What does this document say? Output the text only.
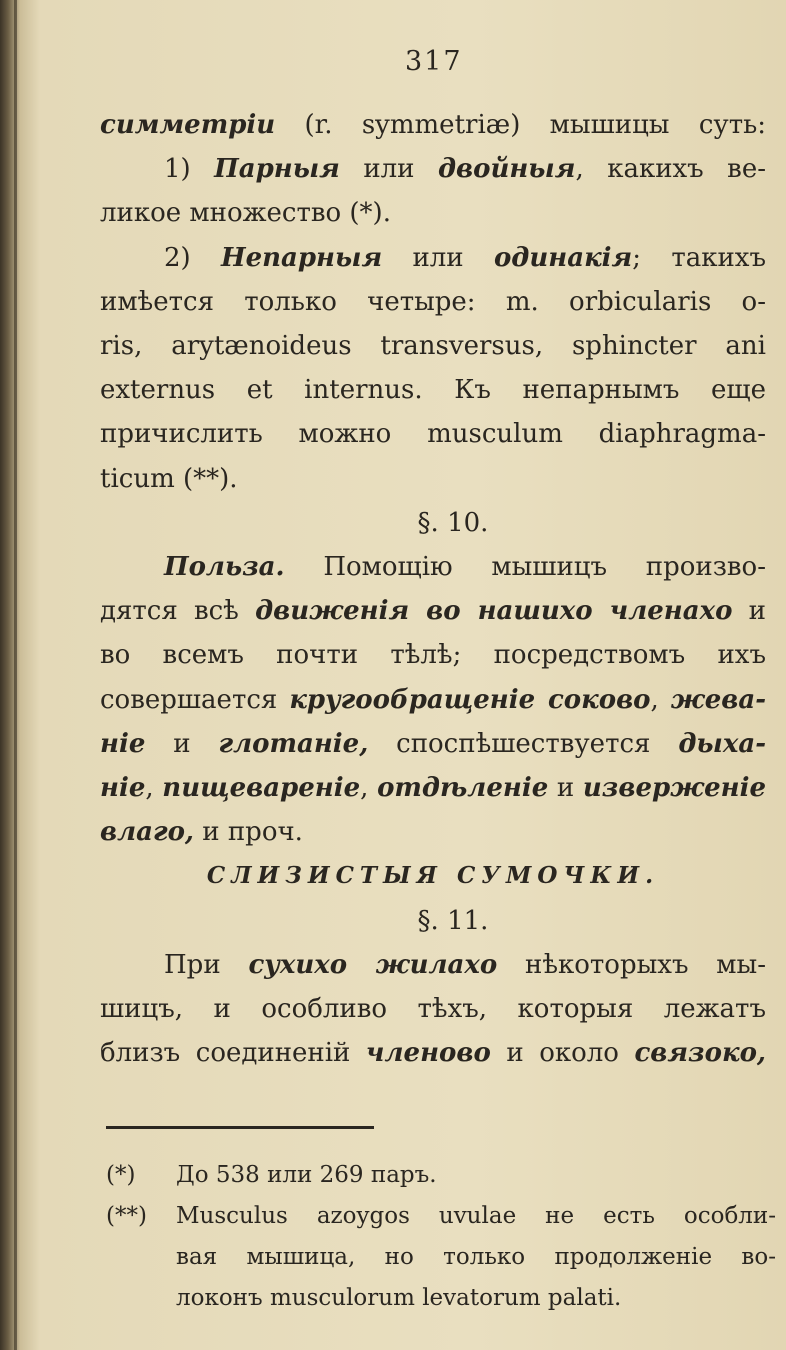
317
симметріи (r. symmetriæ) мышицы суть:
1) Парныя или двойныя, какихъ ве-
ликое множество (*).
2) Непарныя или одинакія; такихъ
имѣется только четыре: m. orbicularis o-
ris, arytænoideus transversus, sphincter ani
externus et internus. Къ непарнымъ еще
причислить можно musculum diaphragma-
ticum (**).
§. 10.
Польза. Помощію мышицъ произво-
дятся всѣ движенія во нашихо членахо и
во всемъ почти тѣлѣ; посредствомъ ихъ
совершается кругообращеніе соково, жева-
ніе и глотаніе, споспѣшествуется дыха-
ніе, пищевареніе, отдѣленіе и изверженіе
влаго, и проч.
СЛИЗИСТЫЯ СУМОЧКИ.
§. 11.
При сухихо жилахо нѣкоторыхъ мы-
шицъ, и особливо тѣхъ, которыя лежатъ
близъ соединеній членово и около связоко,
(*)	До 538 или 269 паръ.
(**)	Musculus azoygos uvulae не есть особли-
вая мышица, но только продолженіе во-
локонъ musculorum levatorum palati.
